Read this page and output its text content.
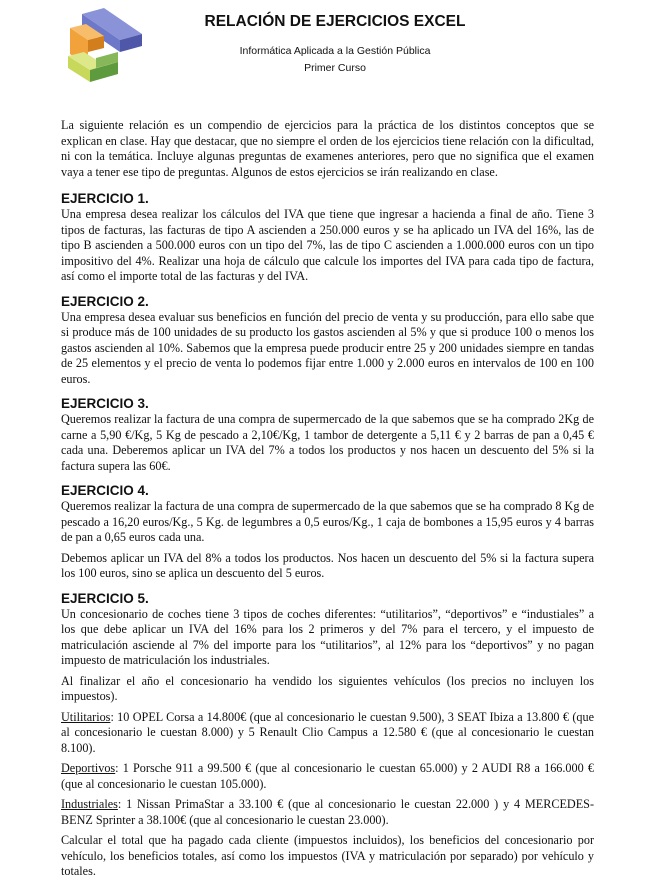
RELACIÓN DE EJERCICIOS EXCEL
Informática Aplicada a la Gestión Pública
Primer Curso

La siguiente relación es un compendio de ejercicios para la práctica de los distintos conceptos que se explican en clase. Hay que destacar, que no siempre el orden de los ejercicios tiene relación con la dificultad, ni con la temática. Incluye algunas preguntas de examenes anteriores, pero que no significa que el examen vaya a tener ese tipo de preguntas. Algunos de estos ejercicios se irán realizando en clase.

EJERCICIO 1.

Una empresa desea realizar los cálculos del IVA que tiene que ingresar a hacienda a final de año. Tiene 3 tipos de facturas, las facturas de tipo A ascienden a 250.000 euros y se ha aplicado un IVA del 16%, las de tipo B ascienden a 500.000 euros con un tipo del 7%, las de tipo C ascienden a 1.000.000 euros con un tipo impositivo del 4%. Realizar una hoja de cálculo que calcule los importes del IVA para cada tipo de factura, así como el importe total de las facturas y del IVA.

EJERCICIO 2.

Una empresa desea evaluar sus beneficios en función del precio de venta y su producción, para ello sabe que si produce más de 100 unidades de su producto los gastos ascienden al 5% y que si produce 100 o menos los gastos ascienden al 10%. Sabemos que la empresa puede producir entre 25 y 200 unidades siempre en tandas de 25 elementos y el precio de venta lo podemos fijar entre 1.000 y 2.000 euros en intervalos de 100 en 100 euros.

EJERCICIO 3.

Queremos realizar la factura de una compra de supermercado de la que sabemos que se ha comprado 2Kg de carne a 5,90 €/Kg, 5 Kg de pescado a 2,10€/Kg, 1 tambor de detergente a 5,11 € y 2 barras de pan a 0,45 € cada una. Deberemos aplicar un IVA del 7% a todos los productos y nos hacen un descuento del 5% si la factura supera las 60€.

EJERCICIO 4.

Queremos realizar la factura de una compra de supermercado de la que sabemos que se ha comprado 8 Kg de pescado a 16,20 euros/Kg., 5 Kg. de legumbres a 0,5 euros/Kg., 1 caja de bombones a 15,95 euros y 4 barras de pan a 0,65 euros cada una.

Debemos aplicar un IVA del 8% a todos los productos. Nos hacen un descuento del 5% si la factura supera los 100 euros, sino se aplica un descuento del 5 euros.

EJERCICIO 5.

Un concesionario de coches tiene 3 tipos de coches diferentes: “utilitarios”, “deportivos” e “industiales” a los que debe aplicar un IVA del 16% para los 2 primeros y del 7% para el tercero, y el impuesto de matriculación asciende al 7% del importe para los “utilitarios”, al 12% para los “deportivos” y no pagan impuesto de matriculación los industriales.

Al finalizar el año el concesionario ha vendido los siguientes vehículos (los precios no incluyen los impuestos).

Utilitarios: 10 OPEL Corsa a 14.800€ (que al concesionario le cuestan 9.500), 3 SEAT Ibiza a 13.800 € (que al concesionario le cuestan 8.000) y 5 Renault Clio Campus a 12.580 € (que al concesionario le cuestan 8.100).

Deportivos: 1 Porsche 911 a 99.500 € (que al concesionario le cuestan 65.000) y 2 AUDI R8 a 166.000 € (que al concesionario le cuestan 105.000).

Industriales: 1 Nissan PrimaStar a 33.100 € (que al concesionario le cuestan 22.000 ) y 4 MERCEDES-BENZ Sprinter a 38.100€ (que al concesionario le cuestan 23.000).

Calcular el total que ha pagado cada cliente (impuestos incluidos), los beneficios del concesionario por vehículo, los beneficios totales, así como los impuestos (IVA y matriculación por separado) por vehículo y totales.
